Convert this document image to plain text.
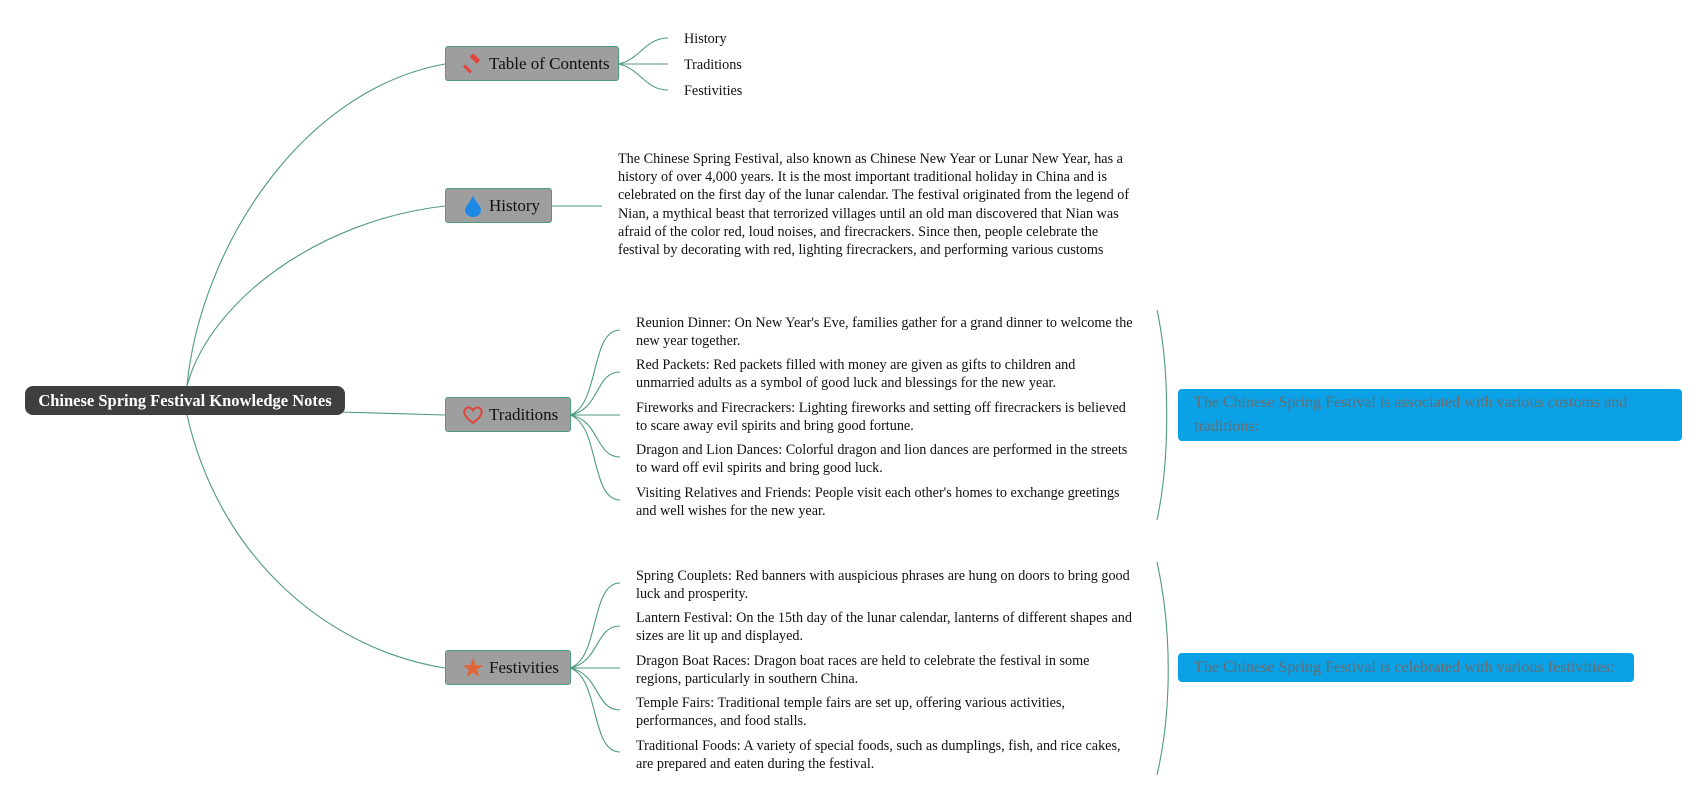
Chinese Spring Festival Knowledge Notes
Table of Contents
History
Traditions
Festivities
History
The Chinese Spring Festival, also known as Chinese New Year or Lunar New Year, has a history of over 4,000 years. It is the most important traditional holiday in China and is celebrated on the first day of the lunar calendar. The festival originated from the legend of Nian, a mythical beast that terrorized villages until an old man discovered that Nian was afraid of the color red, loud noises, and firecrackers. Since then, people celebrate the festival by decorating with red, lighting firecrackers, and performing various customs
Traditions
Reunion Dinner: On New Year's Eve, families gather for a grand dinner to welcome the new year together.
Red Packets: Red packets filled with money are given as gifts to children and unmarried adults as a symbol of good luck and blessings for the new year.
Fireworks and Firecrackers: Lighting fireworks and setting off firecrackers is believed to scare away evil spirits and bring good fortune.
Dragon and Lion Dances: Colorful dragon and lion dances are performed in the streets to ward off evil spirits and bring good luck.
Visiting Relatives and Friends: People visit each other's homes to exchange greetings and well wishes for the new year.
The Chinese Spring Festival is associated with various customs and traditions:
Festivities
Spring Couplets: Red banners with auspicious phrases are hung on doors to bring good luck and prosperity.
Lantern Festival: On the 15th day of the lunar calendar, lanterns of different shapes and sizes are lit up and displayed.
Dragon Boat Races: Dragon boat races are held to celebrate the festival in some regions, particularly in southern China.
Temple Fairs: Traditional temple fairs are set up, offering various activities, performances, and food stalls.
Traditional Foods: A variety of special foods, such as dumplings, fish, and rice cakes, are prepared and eaten during the festival.
The Chinese Spring Festival is celebrated with various festivities:
